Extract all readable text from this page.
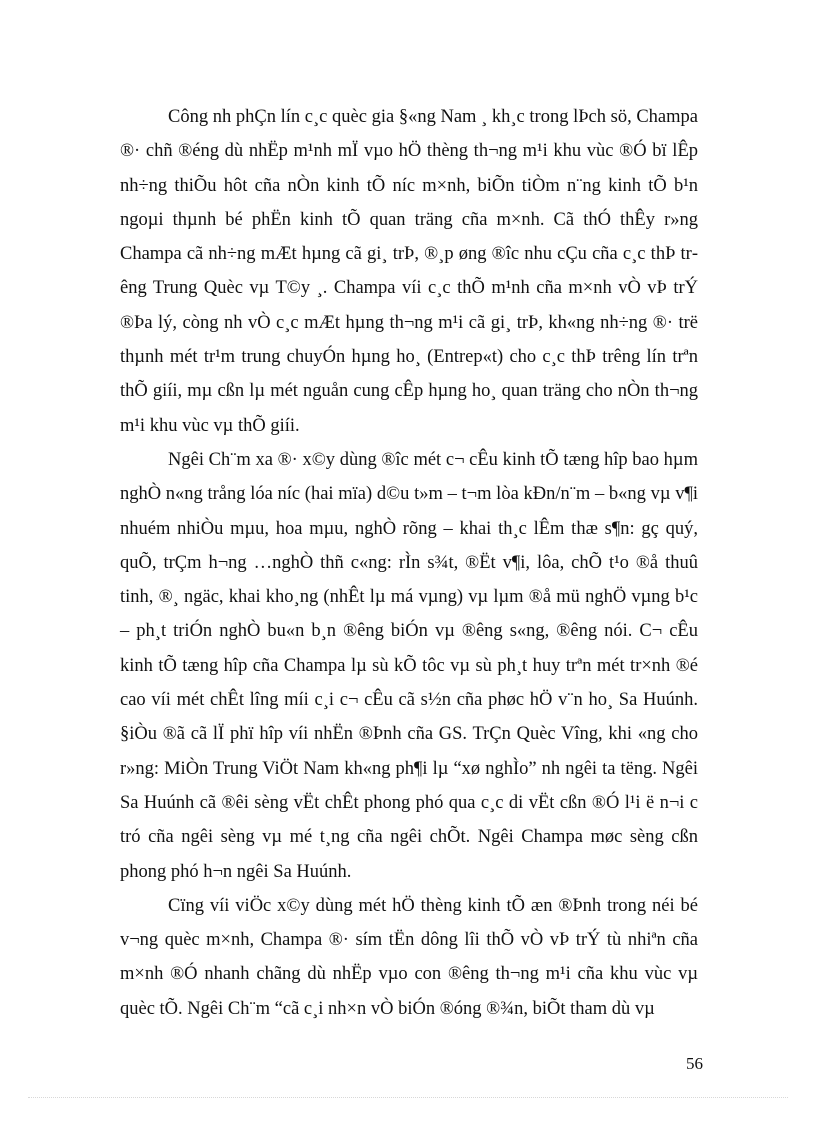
Công nh phÇn lín c¸c quèc gia §«ng Nam ¸ kh¸c trong lÞch sö, Champa ®· chñ ®éng dù nhËp m¹nh mÏ vµo hÖ thèng th¬ng m¹i khu vùc ®Ó bï lÊp nh÷ng thiÕu hôt cña nÒn kinh tÕ níc m×nh, biÕn tiÒm n¨ng kinh tÕ b¹n ngoµi thµnh bé phËn kinh tÕ quan träng cña m×nh. Cã thÓ thÊy r»ng Champa cã nh÷ng mÆt hµng cã gi¸ trÞ, ®¸p øng ®îc nhu cÇu cña c¸c thÞ trêng Trung Quèc vµ T©y ¸. Champa víi c¸c thÕ m¹nh cña m×nh vÒ vÞ trÝ ®Þa lý, còng nh vÒ c¸c mÆt hµng th¬ng m¹i cã gi¸ trÞ, kh«ng nh÷ng ®· trë thµnh mét tr¹m trung chuyÓn hµng ho¸ (Entrep«t) cho c¸c thÞ trêng lín trªn thÕ giíi, mµ cßn lµ mét nguån cung cÊp hµng ho¸ quan träng cho nÒn th¬ng m¹i khu vùc vµ thÕ giíi.

Ngêi Ch¨m xa ®· x©y dùng ®îc mét c¬ cÊu kinh tÕ tæng hîp bao hµm nghÒ n«ng trång lóa níc (hai mïa) d©u t»m – t¬m lòa kÐn/n¨m – b«ng vµ v¶i nhuém nhiÒu mµu, hoa mµu, nghÒ rõng – khai th¸c lÊm thæ s¶n: gç quý, quÕ, trÇm h¬ng …nghÒ thñ c«ng: rÌn s¾t, ®Ët v¶i, lôa, chÕ t¹o ®å thuû tinh, ®¸ ngäc, khai kho¸ng (nhÊt lµ má vµng) vµ lµm ®å mü nghÖ vµng b¹c – ph¸t triÓn nghÒ bu«n b¸n ®êng biÓn vµ ®êng s«ng, ®êng nói. C¬ cÊu kinh tÕ tæng hîp cña Champa lµ sù kÕ tôc vµ sù ph¸t huy trªn mét tr×nh ®é cao víi mét chÊt lîng míi c¸i c¬ cÊu cã s½n cña phøc hÖ v¨n ho¸ Sa Huúnh. §iÒu ®ã cã lÏ phï hîp víi nhËn ®Þnh cña GS. TrÇn Quèc Vîng, khi «ng cho r»ng: MiÒn Trung ViÖt Nam kh«ng ph¶i lµ “xø nghÌo” nh ngêi ta tëng. Ngêi Sa Huúnh cã ®êi sèng vËt chÊt phong phó qua c¸c di vËt cßn ®Ó l¹i ë n¬i c tró cña ngêi sèng vµ mé t¸ng cña ngêi chÕt. Ngêi Champa møc sèng cßn phong phó h¬n ngêi Sa Huúnh.

Cïng víi viÖc x©y dùng mét hÖ thèng kinh tÕ æn ®Þnh trong néi bé v¬ng quèc m×nh, Champa ®· sím tËn dông lîi thÕ vÒ vÞ trÝ tù nhiªn cña m×nh ®Ó nhanh chãng dù nhËp vµo con ®êng th¬ng m¹i cña khu vùc vµ quèc tÕ. Ngêi Ch¨m “cã c¸i nh×n vÒ biÓn ®óng ®¾n, biÕt tham dù vµ

56
